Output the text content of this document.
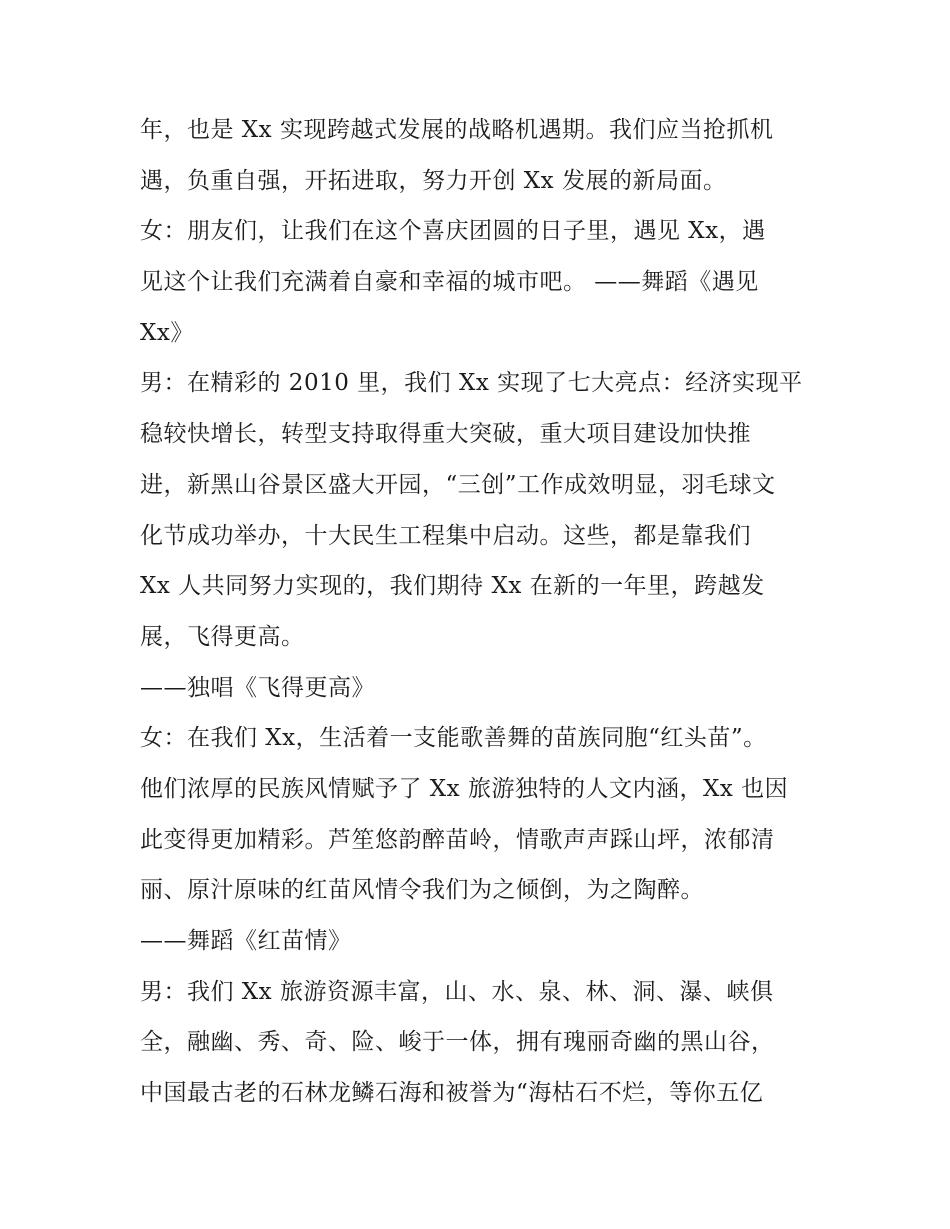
年，也是 Xx 实现跨越式发展的战略机遇期。我们应当抢抓机
遇，负重自强，开拓进取，努力开创 Xx 发展的新局面。
女：朋友们，让我们在这个喜庆团圆的日子里，遇见 Xx，遇
见这个让我们充满着自豪和幸福的城市吧。 ——舞蹈《遇见
Xx》
男：在精彩的 2010 里，我们 Xx 实现了七大亮点：经济实现平
稳较快增长，转型支持取得重大突破，重大项目建设加快推
进，新黑山谷景区盛大开园，“三创”工作成效明显，羽毛球文
化节成功举办，十大民生工程集中启动。这些，都是靠我们
Xx 人共同努力实现的，我们期待 Xx 在新的一年里，跨越发
展，飞得更高。
——独唱《飞得更高》
女：在我们 Xx，生活着一支能歌善舞的苗族同胞“红头苗”。
他们浓厚的民族风情赋予了 Xx 旅游独特的人文内涵，Xx 也因
此变得更加精彩。芦笙悠韵醉苗岭，情歌声声踩山坪，浓郁清
丽、原汁原味的红苗风情令我们为之倾倒，为之陶醉。
——舞蹈《红苗情》
男：我们 Xx 旅游资源丰富，山、水、泉、林、洞、瀑、峡俱
全，融幽、秀、奇、险、峻于一体，拥有瑰丽奇幽的黑山谷，
中国最古老的石林龙鳞石海和被誉为“海枯石不烂，等你五亿
